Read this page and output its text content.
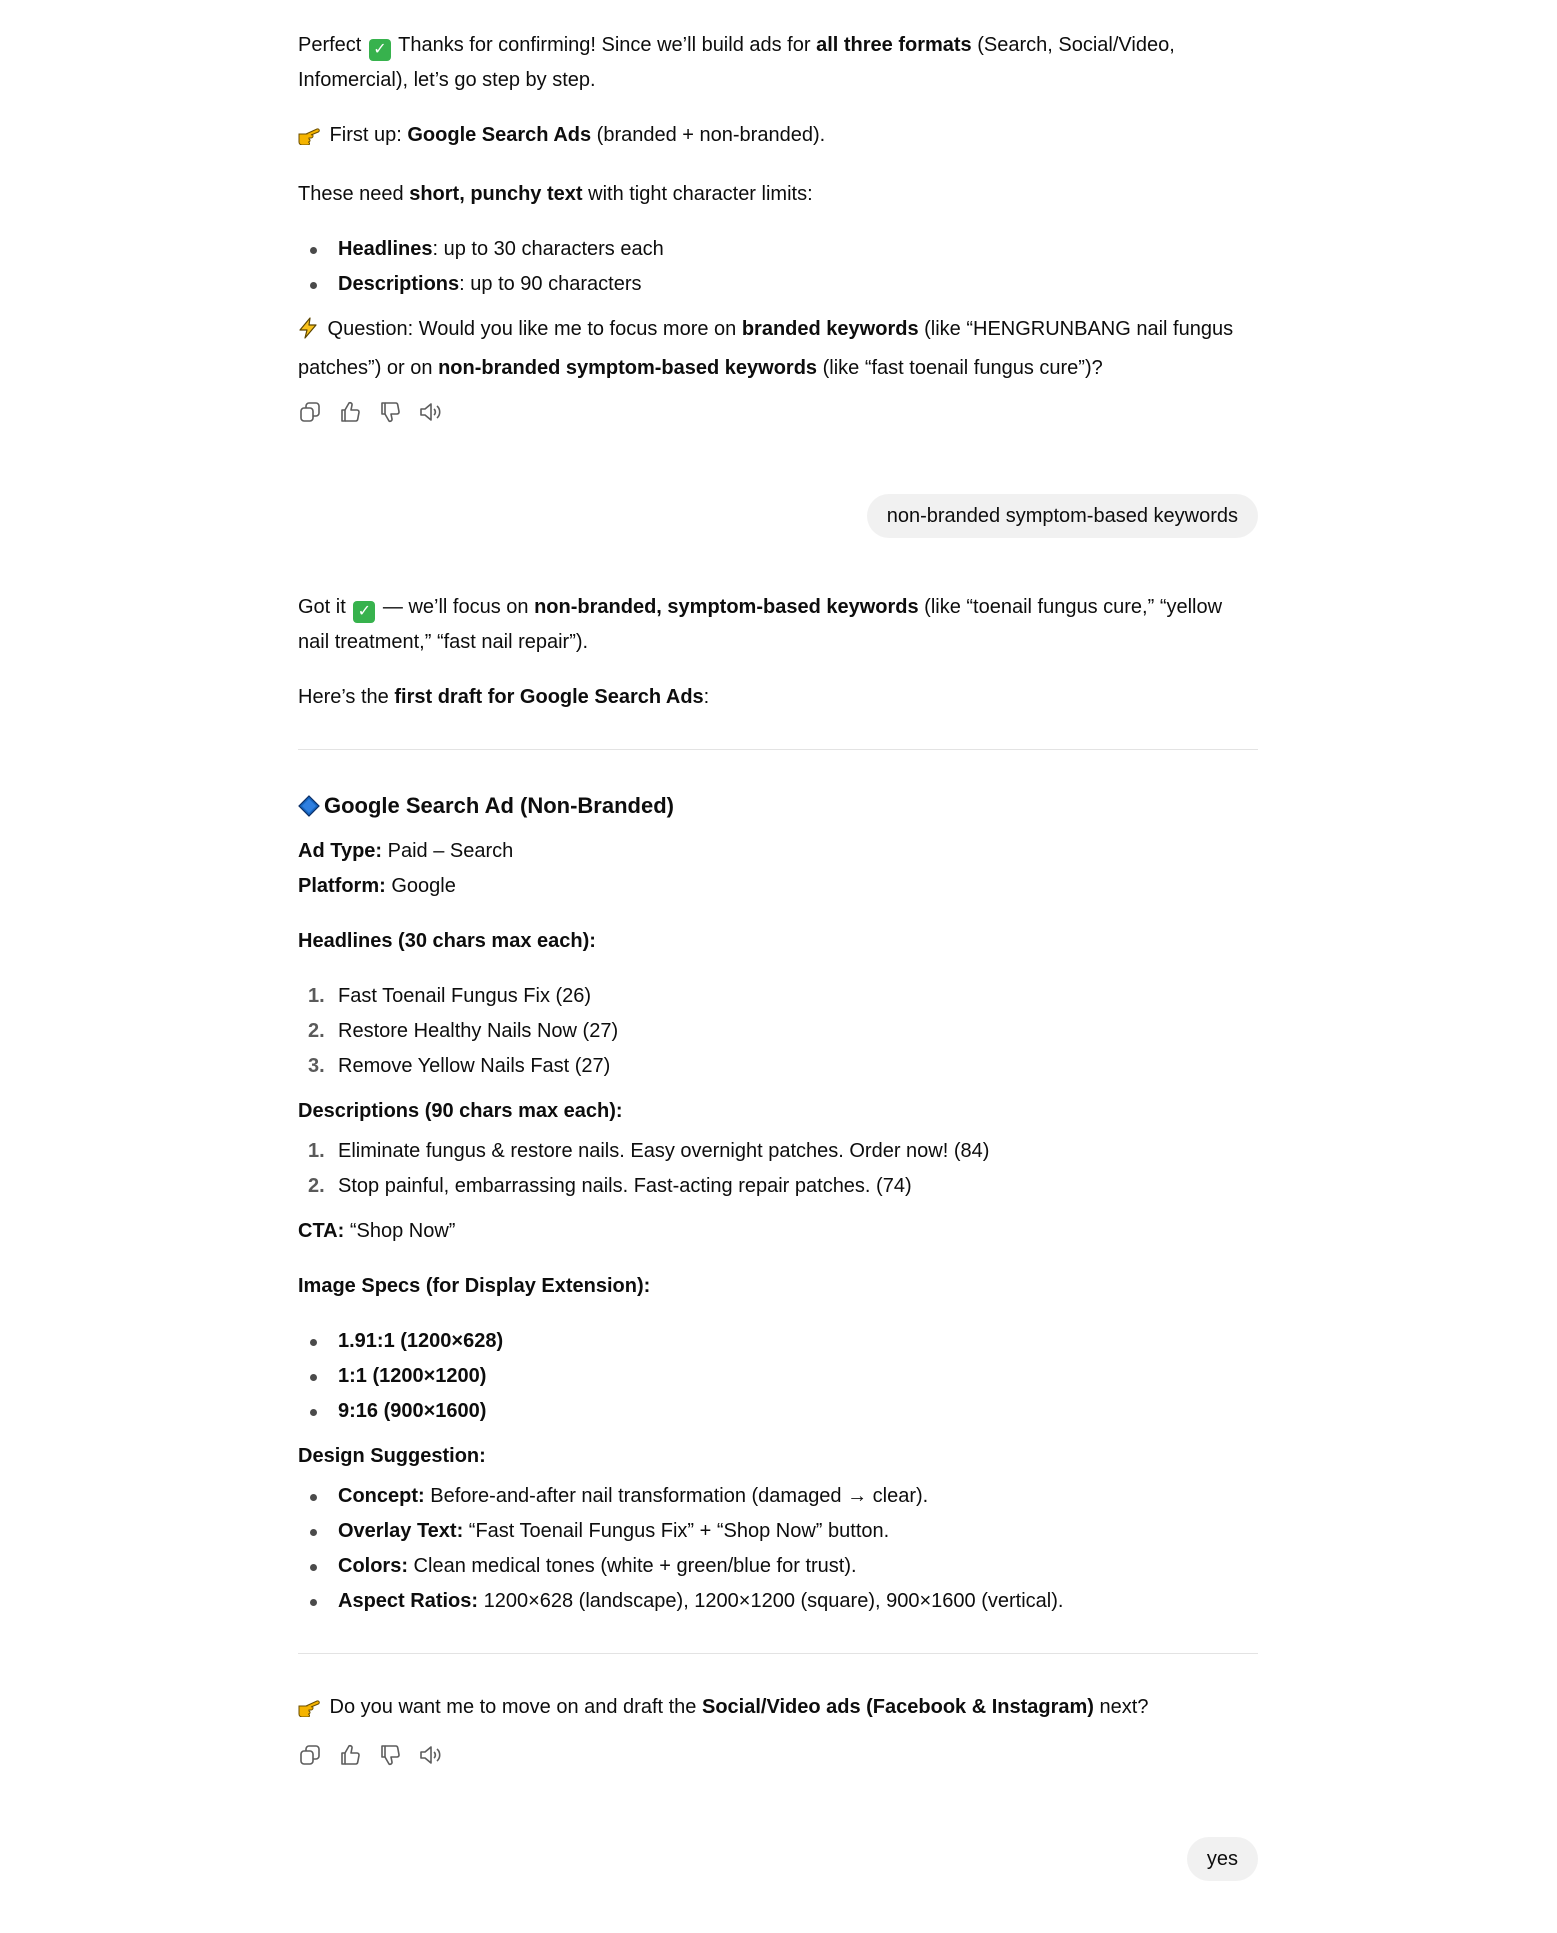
Perfect ✓ Thanks for confirming! Since we’ll build ads for all three formats (Search, Social/Video, Infomercial), let’s go step by step.

First up: Google Search Ads (branded + non-branded).

These need short, punchy text with tight character limits:

Headlines: up to 30 characters each
Descriptions: up to 90 characters

Question: Would you like me to focus more on branded keywords (like “HENGRUNBANG nail fungus patches”) or on non-branded symptom-based keywords (like “fast toenail fungus cure”)?

non-branded symptom-based keywords

Got it ✓ — we’ll focus on non-branded, symptom-based keywords (like “toenail fungus cure,” “yellow nail treatment,” “fast nail repair”).

Here’s the first draft for Google Search Ads:

Google Search Ad (Non-Branded)

Ad Type: Paid – Search

Platform: Google

Headlines (30 chars max each):

1. Fast Toenail Fungus Fix (26)
2. Restore Healthy Nails Now (27)
3. Remove Yellow Nails Fast (27)

Descriptions (90 chars max each):

1. Eliminate fungus & restore nails. Easy overnight patches. Order now! (84)
2. Stop painful, embarrassing nails. Fast-acting repair patches. (74)

CTA: “Shop Now”

Image Specs (for Display Extension):

1.91:1 (1200×628)
1:1 (1200×1200)
9:16 (900×1600)

Design Suggestion:

Concept: Before-and-after nail transformation (damaged → clear).
Overlay Text: “Fast Toenail Fungus Fix” + “Shop Now” button.
Colors: Clean medical tones (white + green/blue for trust).
Aspect Ratios: 1200×628 (landscape), 1200×1200 (square), 900×1600 (vertical).

Do you want me to move on and draft the Social/Video ads (Facebook & Instagram) next?

yes
